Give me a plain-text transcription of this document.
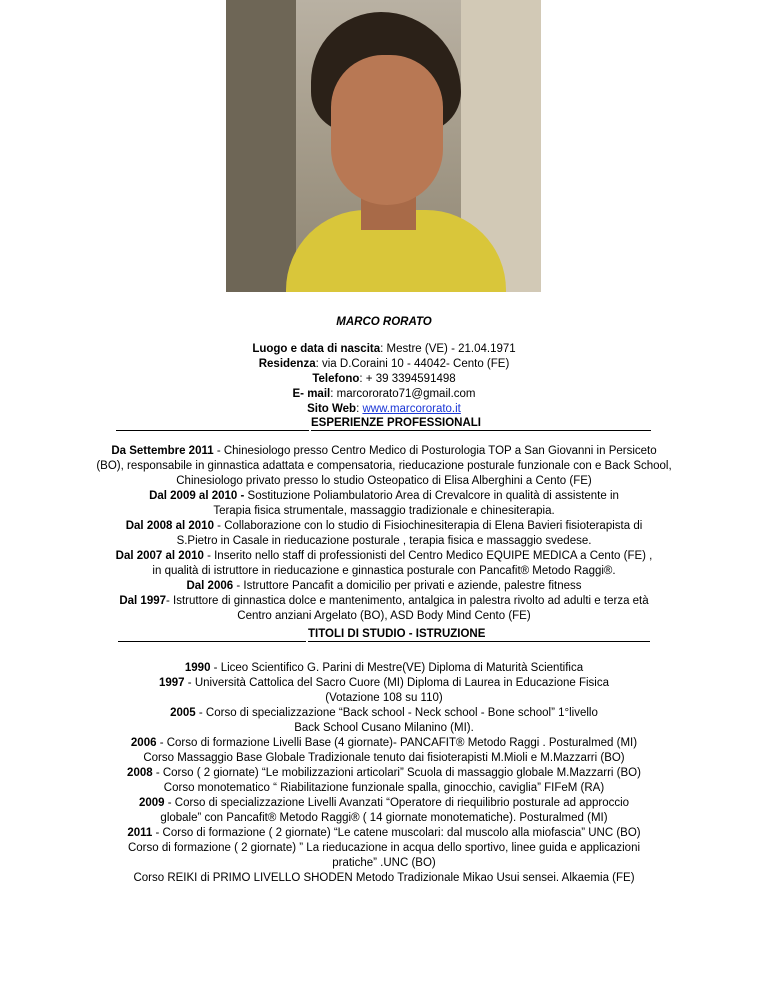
MARCO RORATO
Luogo e data di nascita: Mestre (VE) - 21.04.1971
Residenza: via D.Coraini 10 - 44042- Cento (FE)
Telefono: + 39 3394591498
E- mail: marcororato71@gmail.com
Sito Web: www.marcororato.it
ESPERIENZE PROFESSIONALI
Da Settembre 2011 - Chinesiologo presso Centro Medico di Posturologia TOP a San Giovanni in Persiceto
(BO), responsabile in ginnastica adattata e compensatoria, rieducazione posturale funzionale con e Back School,
Chinesiologo privato presso lo studio Osteopatico di Elisa Alberghini a Cento (FE)
Dal 2009 al 2010 - Sostituzione Poliambulatorio Area di Crevalcore in qualità di assistente in
Terapia fisica strumentale, massaggio tradizionale e chinesiterapia.
Dal 2008 al 2010 - Collaborazione con lo studio di Fisiochinesiterapia di Elena Bavieri fisioterapista di
S.Pietro in Casale in rieducazione posturale , terapia fisica e massaggio svedese.
Dal 2007 al 2010 - Inserito nello staff di professionisti del Centro Medico EQUIPE MEDICA a Cento (FE) ,
in qualità di istruttore in rieducazione e ginnastica posturale con Pancafit® Metodo Raggi®.
Dal 2006 - Istruttore Pancafit a domicilio per privati e aziende, palestre fitness
Dal 1997- Istruttore di ginnastica dolce e mantenimento, antalgica in palestra rivolto ad adulti e terza età
Centro anziani Argelato (BO), ASD Body Mind Cento (FE)
TITOLI DI STUDIO - ISTRUZIONE
1990 - Liceo Scientifico G. Parini di Mestre(VE) Diploma di Maturità Scientifica
1997 - Università Cattolica del Sacro Cuore (MI) Diploma di Laurea in Educazione Fisica
(Votazione 108 su 110)
2005 - Corso di specializzazione “Back school - Neck school - Bone school” 1°livello
Back School Cusano Milanino (MI).
2006 - Corso di formazione Livelli Base (4 giornate)- PANCAFIT® Metodo Raggi . Posturalmed (MI)
Corso Massaggio Base Globale Tradizionale tenuto dai fisioterapisti M.Mioli e M.Mazzarri (BO)
2008 - Corso ( 2 giornate) “Le mobilizzazioni articolari” Scuola di massaggio globale M.Mazzarri (BO)
Corso monotematico “ Riabilitazione funzionale spalla, ginocchio, caviglia” FIFeM (RA)
2009 - Corso di specializzazione Livelli Avanzati “Operatore di riequilibrio posturale ad approccio
globale” con Pancafit® Metodo Raggi® ( 14 giornate monotematiche). Posturalmed (MI)
2011 - Corso di formazione ( 2 giornate) “Le catene muscolari: dal muscolo alla miofascia” UNC (BO)
Corso di formazione ( 2 giornate) ” La rieducazione in acqua dello sportivo, linee guida e applicazioni
pratiche” .UNC (BO)
Corso REIKI di PRIMO LIVELLO SHODEN Metodo Tradizionale Mikao Usui sensei. Alkaemia (FE)
